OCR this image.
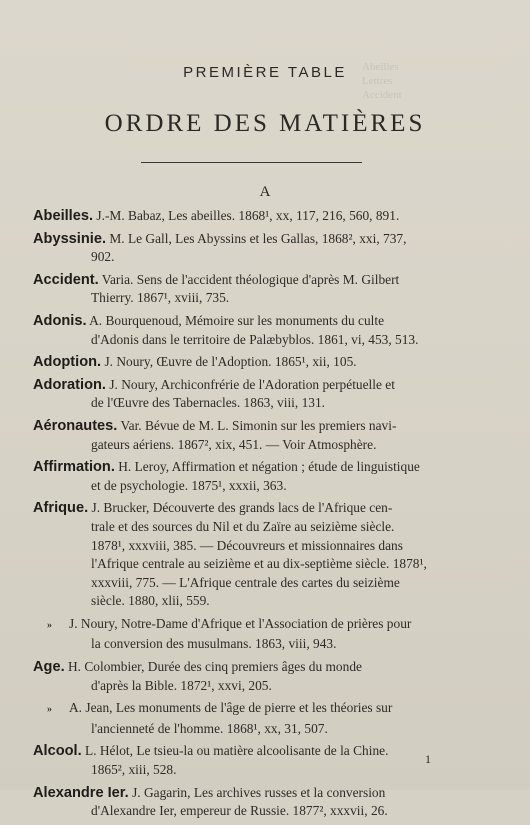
Abeilles
Lettres
Accident
PREMIÈRE TABLE
ORDRE DES MATIÈRES
A
Abeilles. J.-M. Babaz, Les abeilles. 1868¹, xx, 117, 216, 560, 891.
Abyssinie. M. Le Gall, Les Abyssins et les Gallas, 1868², xxi, 737,
902.
Accident. Varia. Sens de l'accident théologique d'après M. Gilbert
Thierry. 1867¹, xviii, 735.
Adonis. A. Bourquenoud, Mémoire sur les monuments du culte
d'Adonis dans le territoire de Palæbyblos. 1861, vi, 453, 513.
Adoption. J. Noury, Œuvre de l'Adoption. 1865¹, xii, 105.
Adoration. J. Noury, Archiconfrérie de l'Adoration perpétuelle et
de l'Œuvre des Tabernacles. 1863, viii, 131.
Aéronautes. Var. Bévue de M. L. Simonin sur les premiers navi-
gateurs aériens. 1867², xix, 451. — Voir Atmosphère.
Affirmation. H. Leroy, Affirmation et négation ; étude de linguistique
et de psychologie. 1875¹, xxxii, 363.
Afrique. J. Brucker, Découverte des grands lacs de l'Afrique cen-
trale et des sources du Nil et du Zaïre au seizième siècle.
1878¹, xxxviii, 385. — Découvreurs et missionnaires dans
l'Afrique centrale au seizième et au dix-septième siècle. 1878¹,
xxxviii, 775. — L'Afrique centrale des cartes du seizième
siècle. 1880, xlii, 559.
» J. Noury, Notre-Dame d'Afrique et l'Association de prières pour
la conversion des musulmans. 1863, viii, 943.
Age. H. Colombier, Durée des cinq premiers âges du monde
d'après la Bible. 1872¹, xxvi, 205.
» A. Jean, Les monuments de l'âge de pierre et les théories sur
l'ancienneté de l'homme. 1868¹, xx, 31, 507.
Alcool. L. Hélot, Le tsieu-la ou matière alcoolisante de la Chine.
1865², xiii, 528.
Alexandre Ier. J. Gagarin, Les archives russes et la conversion
d'Alexandre Ier, empereur de Russie. 1877², xxxvii, 26.
1
